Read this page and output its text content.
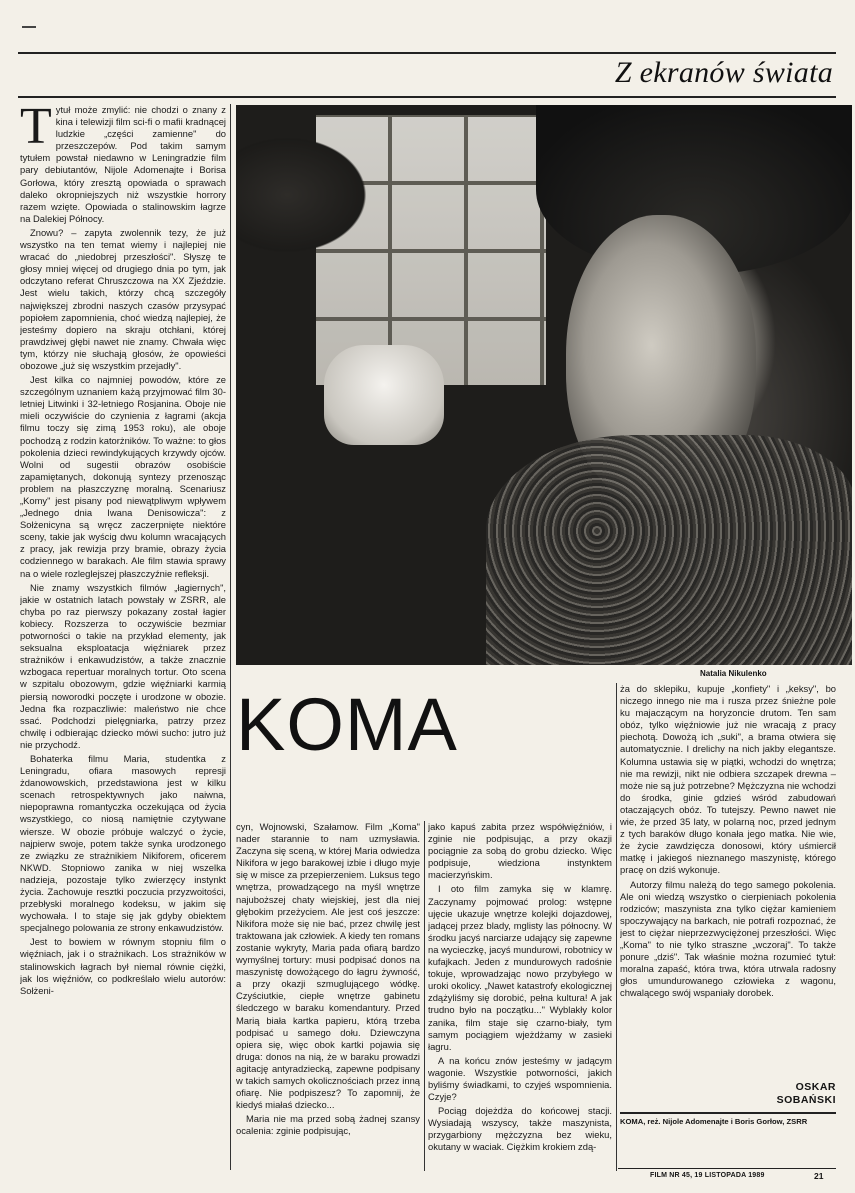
Z ekranów świata

Tytuł może zmylić: nie chodzi o znany z kina i telewizji film sci-fi o mafii kradnącej ludzkie „części zamienne" do przeszczepów. Pod takim samym tytułem powstał niedawno w Leningradzie film pary debiutantów, Nijole Adomenajte i Borisa Gorłowa, który zresztą opowiada o sprawach daleko okropniejszych niż wszystkie horrory razem wzięte. Opowiada o stalinowskim łagrze na Dalekiej Północy.

Znowu? – zapyta zwolennik tezy, że już wszystko na ten temat wiemy i najlepiej nie wracać do „niedobrej przeszłości". Słyszę te głosy mniej więcej od drugiego dnia po tym, jak odczytano referat Chruszczowa na XX Zjeździe. Jest wielu takich, którzy chcą szczegóły największej zbrodni naszych czasów przysypać popiołem zapomnienia, choć wiedzą najlepiej, że jesteśmy dopiero na skraju otchłani, której prawdziwej głębi nawet nie znamy. Chwała więc tym, którzy nie słuchają głosów, że opowieści obozowe „już się wszystkim przejadły".

Jest kilka co najmniej powodów, które ze szczególnym uznaniem każą przyjmować film 30-letniej Litwinki i 32-letniego Rosjanina. Oboje nie mieli oczywiście do czynienia z łagrami (akcja filmu toczy się zimą 1953 roku), ale oboje pochodzą z rodzin katorżników. To ważne: to głos pokolenia dzieci rewindykujących krzywdy ojców. Wolni od sugestii obrazów osobiście zapamiętanych, dokonują syntezy przenosząc problem na płaszczyznę moralną. Scenariusz „Komy" jest pisany pod niewątpliwym wpływem „Jednego dnia Iwana Denisowicza": z Sołżenicyna są wręcz zaczerpnięte niektóre sceny, takie jak wyścig dwu kolumn wracających z pracy, jak rewizja przy bramie, obrazy życia codziennego w barakach. Ale film stawia sprawy na o wiele rozleglejszej płaszczyźnie refleksji.

Nie znamy wszystkich filmów „łagiernych", jakie w ostatnich latach powstały w ZSRR, ale chyba po raz pierwszy pokazany został łagier kobiecy. Rozszerza to oczywiście bezmiar potworności o takie na przykład elementy, jak seksualna eksploatacja więźniarek przez strażników i enkawudzistów, a także znacznie wzbogaca repertuar moralnych tortur. Oto scena w szpitalu obozowym, gdzie więźniarki karmią piersią noworodki poczęte i urodzone w obozie. Jedna fka rozpaczliwie: maleństwo nie chce ssać. Podchodzi pielęgniarka, patrzy przez chwilę i odbierając dziecko mówi sucho: jutro już nie przychodź.

Bohaterka filmu Maria, studentka z Leningradu, ofiara masowych represji żdanowowskich, przedstawiona jest w kilku scenach retrospektywnych jako naiwna, niepoprawna romantyczka oczekująca od życia wszystkiego, co niosą namiętnie czytywane wiersze. W obozie próbuje walczyć o życie, najpierw swoje, potem także synka urodzonego ze związku ze strażnikiem Nikiforem, oficerem NKWD. Stopniowo zanika w niej wszelka nadzieja, pozostaje tylko zwierzęcy instynkt życia. Zachowuje resztki poczucia przyzwoitości, przebłyski moralnego kodeksu, w jakim się wychowała. I to staje się jak gdyby obiektem specjalnego polowania ze strony enkawudzistów.

Jest to bowiem w równym stopniu film o więźniach, jak i o strażnikach. Los strażników w stalinowskich łagrach był niemal równie ciężki, jak los więźniów, co podkreślało wielu autorów: Sołżeni-

Natalia Nikulenko
KOMA

cyn, Wojnowski, Szałamow. Film „Koma" nader starannie to nam uzmysławia. Zaczyna się sceną, w której Maria odwiedza Nikifora w jego barakowej izbie i długo myje się w misce za przepierzeniem. Luksus tego wnętrza, prowadzącego na myśl wnętrze najuboższej chaty wiejskiej, jest dla niej głębokim przeżyciem. Ale jest coś jeszcze: Nikifora może się nie bać, przez chwilę jest traktowana jak człowiek. A kiedy ten romans zostanie wykryty, Maria pada ofiarą bardzo wymyślnej tortury: musi podpisać donos na maszynistę dowożącego do łagru żywność, a przy okazji szmuglującego wódkę. Czyściutkie, ciepłe wnętrze gabinetu śledczego w baraku komendantury. Przed Marią biała kartka papieru, którą trzeba podpisać u samego dołu. Dziewczyna opiera się, więc obok kartki pojawia się druga: donos na nią, że w baraku prowadzi agitację antyradziecką, zapewne podpisany w takich samych okolicznościach przez inną ofiarę. Nie podpiszesz? To zapomnij, że kiedyś miałaś dziecko...

Maria nie ma przed sobą żadnej szansy ocalenia: zginie podpisując,

jako kapuś zabita przez współwięźniów, i zginie nie podpisując, a przy okazji pociągnie za sobą do grobu dziecko. Więc podpisuje, wiedziona instynktem macierzyńskim.

I oto film zamyka się w klamrę. Zaczynamy pojmować prolog: wstępne ujęcie ukazuje wnętrze kolejki dojazdowej, jadącej przez blady, mglisty las północny. W środku jacyś narciarze udający się zapewne na wycieczkę, jacyś mundurowi, robotnicy w kufajkach. Jeden z mundurowych radośnie tokuje, wprowadzając nowo przybyłego w uroki okolicy. „Nawet katastrofy ekologicznej zdążyliśmy się dorobić, pełna kultura! A jak trudno było na początku..." Wyblakły kolor zanika, film staje się czarno-biały, tym samym pociągiem wjeżdżamy w zasieki łagru.

A na końcu znów jesteśmy w jadącym wagonie. Wszystkie potworności, jakich byliśmy świadkami, to czyjeś wspomnienia. Czyje?

Pociąg dojeżdża do końcowej stacji. Wysiadają wszyscy, także maszynista, przygarbiony mężczyzna bez wieku, okutany w waciak. Ciężkim krokiem zdą-

ża do sklepiku, kupuje „konfiety" i „keksy", bo niczego innego nie ma i rusza przez śnieżne pole ku majaczącym na horyzoncie drutom. Ten sam obóz, tylko więźniowie już nie wracają z pracy piechotą. Dowożą ich „suki", a brama otwiera się automatycznie. I drelichy na nich jakby elegantsze. Kolumna ustawia się w piątki, wchodzi do wnętrza; nie ma rewizji, nikt nie odbiera szczapek drewna – może nie są już potrzebne? Mężczyzna nie wchodzi do środka, ginie gdzieś wśród zabudowań otaczających obóz. To tutejszy. Pewno nawet nie wie, że przed 35 laty, w polarną noc, przed jednym z tych baraków długo konała jego matka. Nie wie, że życie zawdzięcza donosowi, który uśmiercił matkę i jakiegoś nieznanego maszynistę, którego pracę on dziś wykonuje.

Autorzy filmu należą do tego samego pokolenia. Ale oni wiedzą wszystko o cierpieniach pokolenia rodziców; maszynista zna tylko ciężar kamieniem spoczywający na barkach, nie potrafi rozpoznać, że jest to ciężar nieprzezwyciężonej przeszłości. Więc „Koma" to nie tylko straszne „wczoraj". To także ponure „dziś". Tak właśnie można rozumieć tytuł: moralna zapaść, która trwa, która utrwala radosny głos umundurowanego człowieka z wagonu, chwalącego swój wspaniały dorobek.

OSKAR
SOBAŃSKI
KOMA, reż. Nijole Adomenajte i Boris Gorłow, ZSRR
FILM NR 45, 19 LISTOPADA 1989	21
